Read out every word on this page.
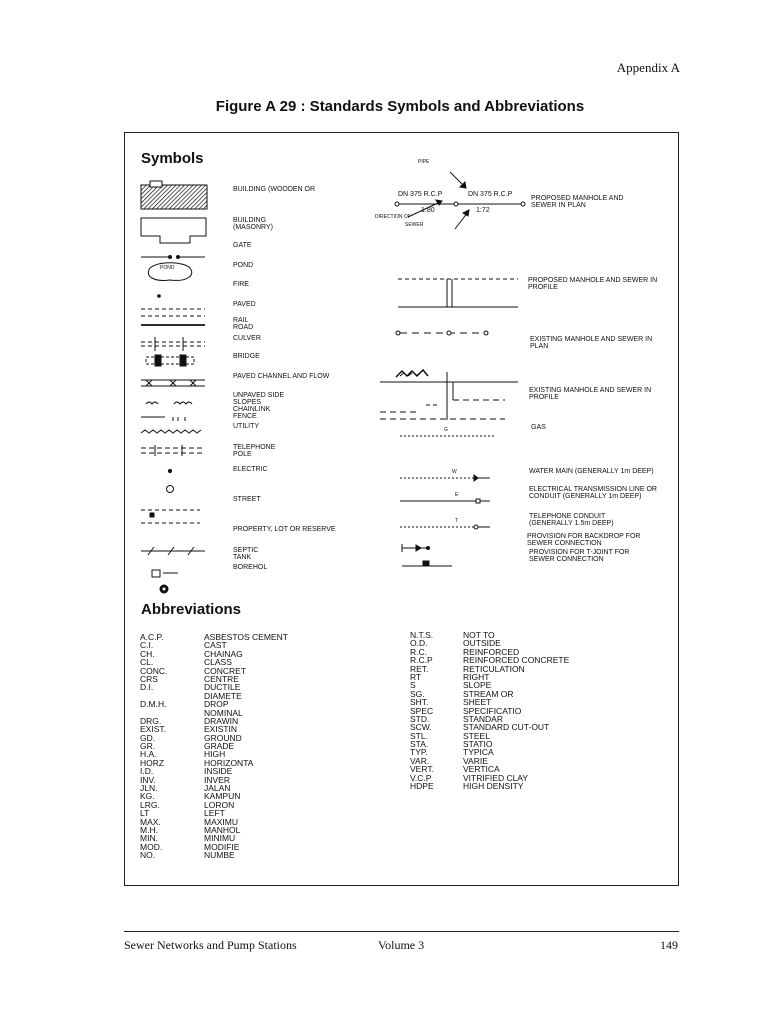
Appendix A
Figure A 29 : Standards Symbols and Abbreviations
Symbols
POND
PIPE
DN 375 R.C.P	DN 375 R.C.P
1:80	1:72
DIRECTION OF
SEWER
G
W
E
T
BUILDING (WOODEN OR
BUILDING
(MASONRY)
GATE
POND
FIRE
PAVED
RAIL
ROAD
CULVER
BRIDGE
PAVED CHANNEL AND FLOW
UNPAVED SIDE
SLOPES
CHAINLINK
FENCE
UTILITY
TELEPHONE
POLE
ELECTRIC
STREET
PROPERTY, LOT OR RESERVE
SEPTIC
TANK
BOREHOL
PROPOSED MANHOLE AND
SEWER IN PLAN
PROPOSED MANHOLE AND SEWER IN
PROFILE
EXISTING MANHOLE AND SEWER IN
PLAN
EXISTING MANHOLE AND SEWER IN
PROFILE
GAS
WATER MAIN (GENERALLY 1m DEEP)
ELECTRICAL TRANSMISSION LINE OR
CONDUIT (GENERALLY 1m DEEP)
TELEPHONE CONDUIT
(GENERALLY 1.5m DEEP)
PROVISION FOR BACKDROP FOR
SEWER CONNECTION
PROVISION FOR T-JOINT FOR
SEWER CONNECTION
Abbreviations
A.C.P.	ASBESTOS CEMENT
C.I.	CAST
CH.	CHAINAG
CL.	CLASS
CONC.	CONCRET
CRS	CENTRE
D.I.	DUCTILE
DIAMETE
D.M.H.	DROP
NOMINAL
DRG.	DRAWIN
EXIST.	EXISTIN
GD.	GROUND
GR.	GRADE
H.A.	HIGH
HORZ	HORIZONTA
I.D.	INSIDE
INV.	INVER
JLN.	JALAN
KG.	KAMPUN
LRG.	LORON
LT	LEFT
MAX.	MAXIMU
M.H.	MANHOL
MIN.	MINIMU
MOD.	MODIFIE
NO.	NUMBE
N.T.S.	NOT TO
O.D.	OUTSIDE
R.C.	REINFORCED
R.C.P	REINFORCED CONCRETE
RET.	RETICULATION
RT	RIGHT
S	SLOPE
SG.	STREAM OR
SHT.	SHEET
SPEC	SPECIFICATIO
STD.	STANDAR
SCW.	STANDARD CUT-OUT
STL.	STEEL
STA.	STATIO
TYP.	TYPICA
VAR.	VARIE
VERT.	VERTICA
V.C.P	VITRIFIED CLAY
HDPE	HIGH DENSITY
Sewer Networks and Pump Stations	Volume 3	149
